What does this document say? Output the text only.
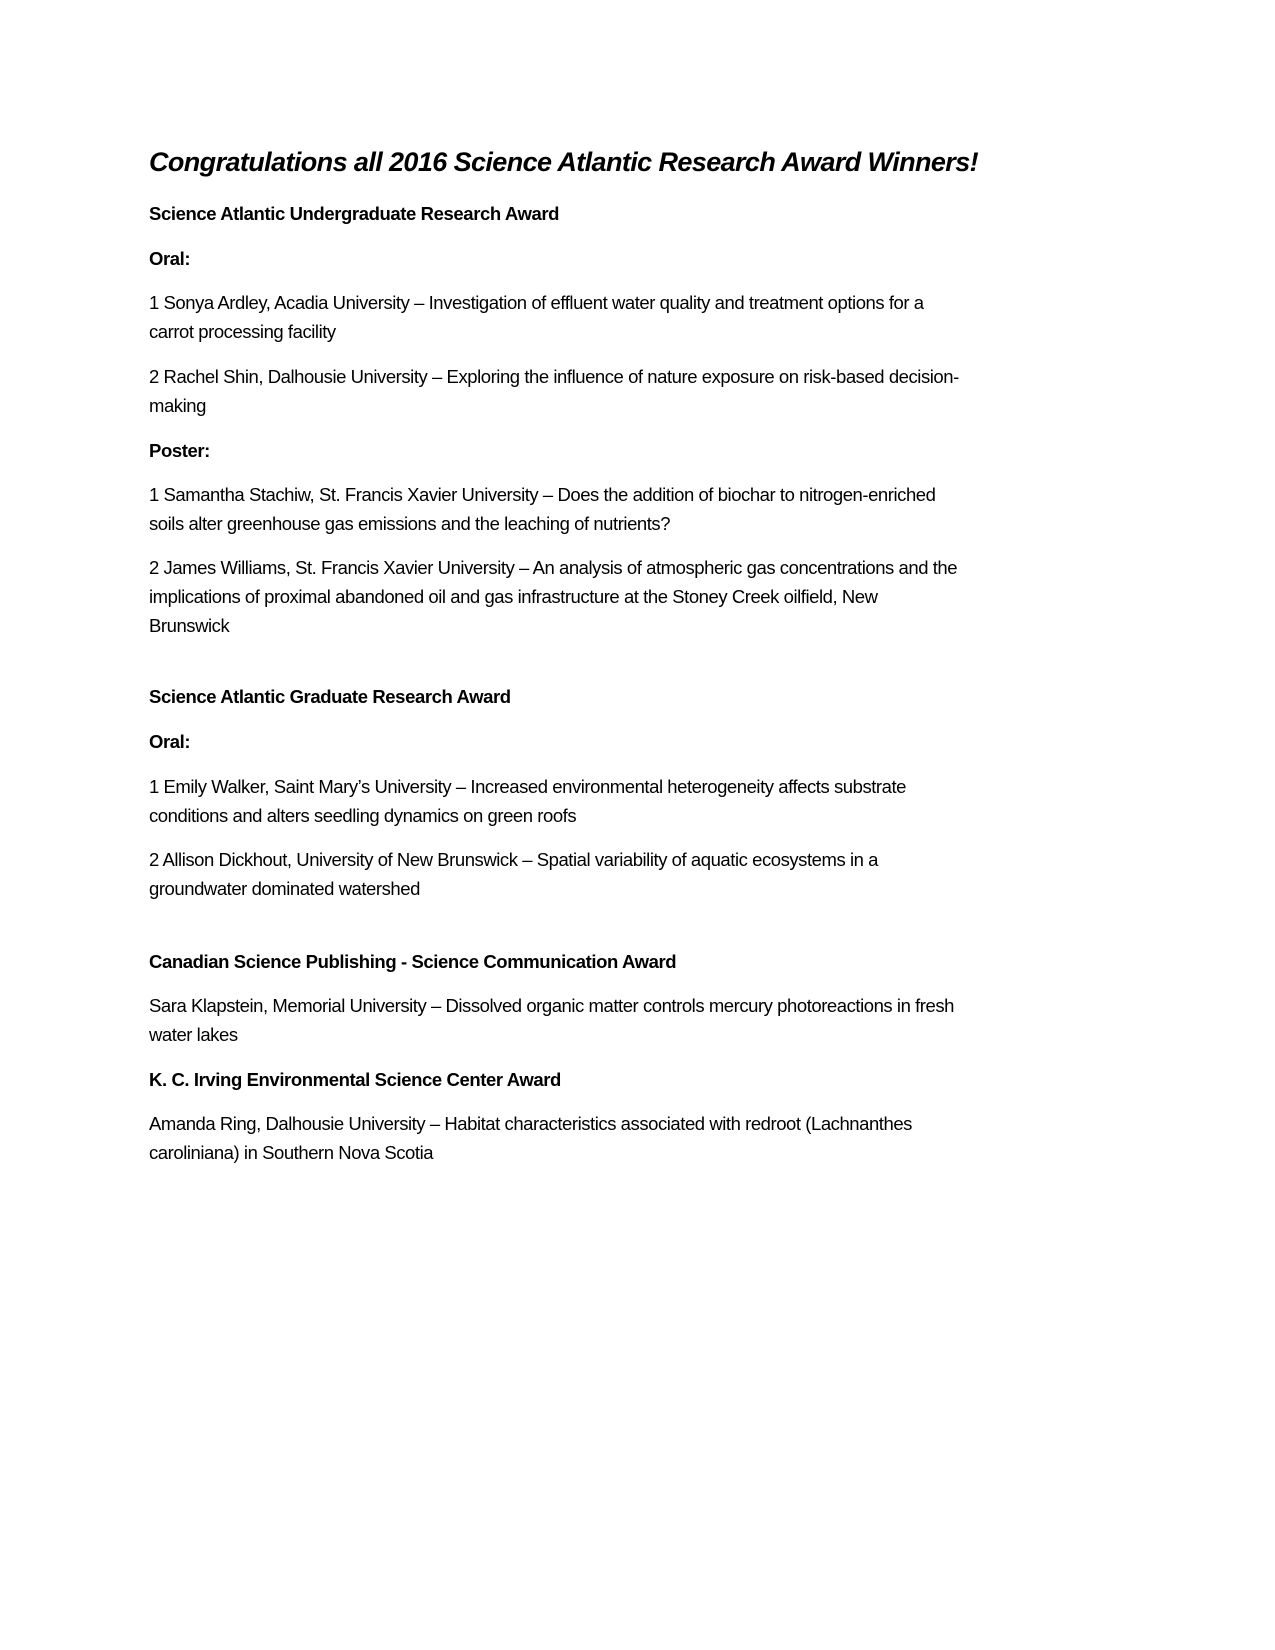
Congratulations all 2016 Science Atlantic Research Award Winners!
Science Atlantic Undergraduate Research Award
Oral:
1 Sonya Ardley, Acadia University – Investigation of effluent water quality and treatment options for a
carrot processing facility
2 Rachel Shin, Dalhousie University – Exploring the influence of nature exposure on risk-based decision-
making
Poster:
1 Samantha Stachiw, St. Francis Xavier University – Does the addition of biochar to nitrogen-enriched
soils alter greenhouse gas emissions and the leaching of nutrients?
2 James Williams, St. Francis Xavier University – An analysis of atmospheric gas concentrations and the
implications of proximal abandoned oil and gas infrastructure at the Stoney Creek oilfield, New
Brunswick
Science Atlantic Graduate Research Award
Oral:
1 Emily Walker, Saint Mary’s University – Increased environmental heterogeneity affects substrate
conditions and alters seedling dynamics on green roofs
2 Allison Dickhout, University of New Brunswick – Spatial variability of aquatic ecosystems in a
groundwater dominated watershed
Canadian Science Publishing - Science Communication Award
Sara Klapstein, Memorial University – Dissolved organic matter controls mercury photoreactions in fresh
water lakes
K. C. Irving Environmental Science Center Award
Amanda Ring, Dalhousie University – Habitat characteristics associated with redroot (Lachnanthes
caroliniana) in Southern Nova Scotia
